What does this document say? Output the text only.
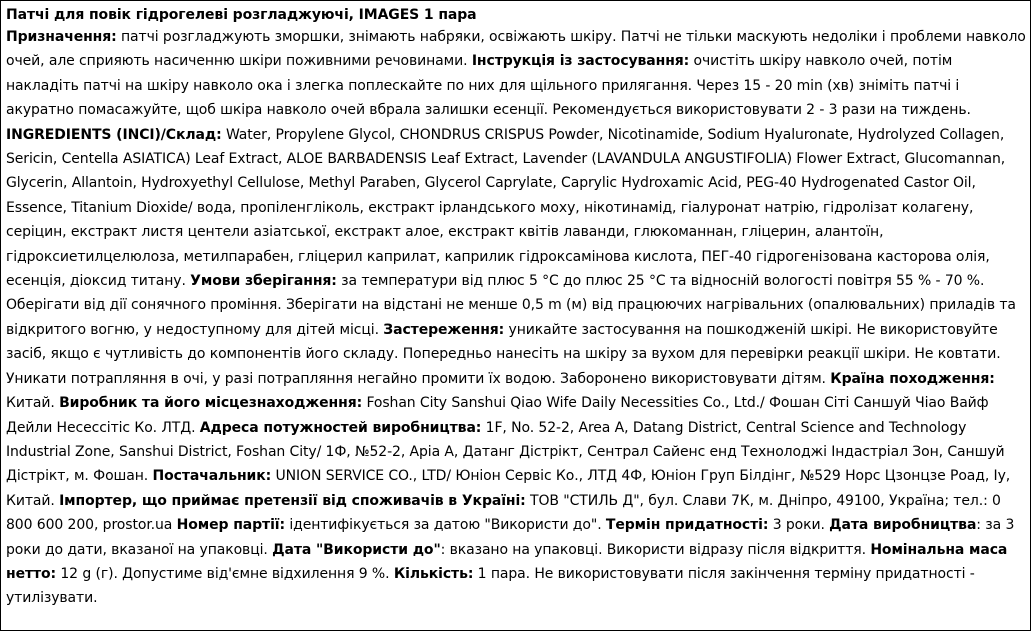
Патчі для повік гідрогелеві розгладжуючі, IMAGES 1 пара

Призначення: патчі розгладжують зморшки, знімають набряки, освіжають шкіру. Патчі не тільки маскують недоліки і проблеми навколо очей, але сприяють насиченню шкіри поживними речовинами. Інструкція із застосування: очистіть шкіру навколо очей, потім накладіть патчі на шкіру навколо ока і злегка поплескайте по них для щільного прилягання. Через 15 - 20 min (хв) зніміть патчі і акуратно помасажуйте, щоб шкіра навколо очей вбрала залишки есенції. Рекомендується використовувати 2 - 3 рази на тиждень. INGREDIENTS (INCI)/Склад: Water, Propylene Glycol, CHONDRUS CRISPUS Powder, Nicotinamide, Sodium Hyaluronate, Hydrolyzed Collagen, Sericin, Centella ASIATICA) Leaf Extract, ALOE BARBADENSIS Leaf Extract, Lavender (LAVANDULA ANGUSTIFOLIA) Flower Extract, Glucomannan, Glycerin, Allantoin, Hydroxyethyl Cellulose, Methyl Paraben, Glycerol Caprylate, Caprylic Hydroxamic Acid, PEG-40 Hydrogenated Castor Oil, Essence, Titanium Dioxide/ вода, пропіленгліколь, екстракт ірландського моху, нікотинамід, гіалуронат натрію, гідролізат колагену, серіцин, екстракт листя центели азіатської, екстракт алое, екстракт квітів лаванди, глюкоманнан, гліцерин, алантоїн, гідроксиетилцелюлоза, метилпарабен, гліцерил каприлат, каприлик гідроксамінова кислота, ПЕГ-40 гідрогенізована касторова олія, есенція, діоксид титану. Умови зберігання: за температури від плюс 5 °С до плюс 25 °С та відносній вологості повітря 55 % - 70 %. Оберігати від дії сонячного проміння. Зберігати на відстані не менше 0,5 m (м) від працюючих нагрівальних (опалювальних) приладів та відкритого вогню, у недоступному для дітей місці. Застереження: уникайте застосування на пошкодженій шкірі. Не використовуйте засіб, якщо є чутливість до компонентів його складу. Попередньо нанесіть на шкіру за вухом для перевірки реакції шкіри. Не ковтати. Уникати потрапляння в очі, у разі потрапляння негайно промити їх водою. Заборонено використовувати дітям. Країна походження: Китай. Виробник та його місцезнаходження: Foshan City Sanshui Qiao Wife Daily Necessities Co., Ltd./ Фошан Сіті Саншуй Чіао Вайф Дейли Несессітіс Ко. ЛТД. Адреса потужностей виробництва: 1F, No. 52-2, Area A, Datang District, Central Science and Technology Industrial Zone, Sanshui District, Foshan City/ 1Ф, №52-2, Аріа А, Датанг Дістрікт, Сентрал Сайенс енд Технолоджі Індастріал Зон, Саншуй Дістрікт, м. Фошан. Постачальник: UNION SERVICE CO., LTD/ Юніон Сервіс Ко., ЛТД 4Ф, Юніон Груп Білдінг, №529 Норс Цзонцзе Роад, Іу, Китай. Імпортер, що приймає претензії від споживачів в Україні: ТОВ "СТИЛЬ Д", бул. Слави 7К, м. Дніпро, 49100, Україна; тел.: 0 800 600 200, prostor.ua Номер партії: ідентифікується за датою "Використи до". Термін придатності: 3 роки. Дата виробництва: за 3 роки до дати, вказаної на упаковці. Дата "Використи до": вказано на упаковці. Використи відразу після відкриття. Номінальна маса нетто: 12 g (г). Допустиме від'ємне відхилення 9 %. Кількість: 1 пара. Не використовувати після закінчення терміну придатності - утилізувати.
